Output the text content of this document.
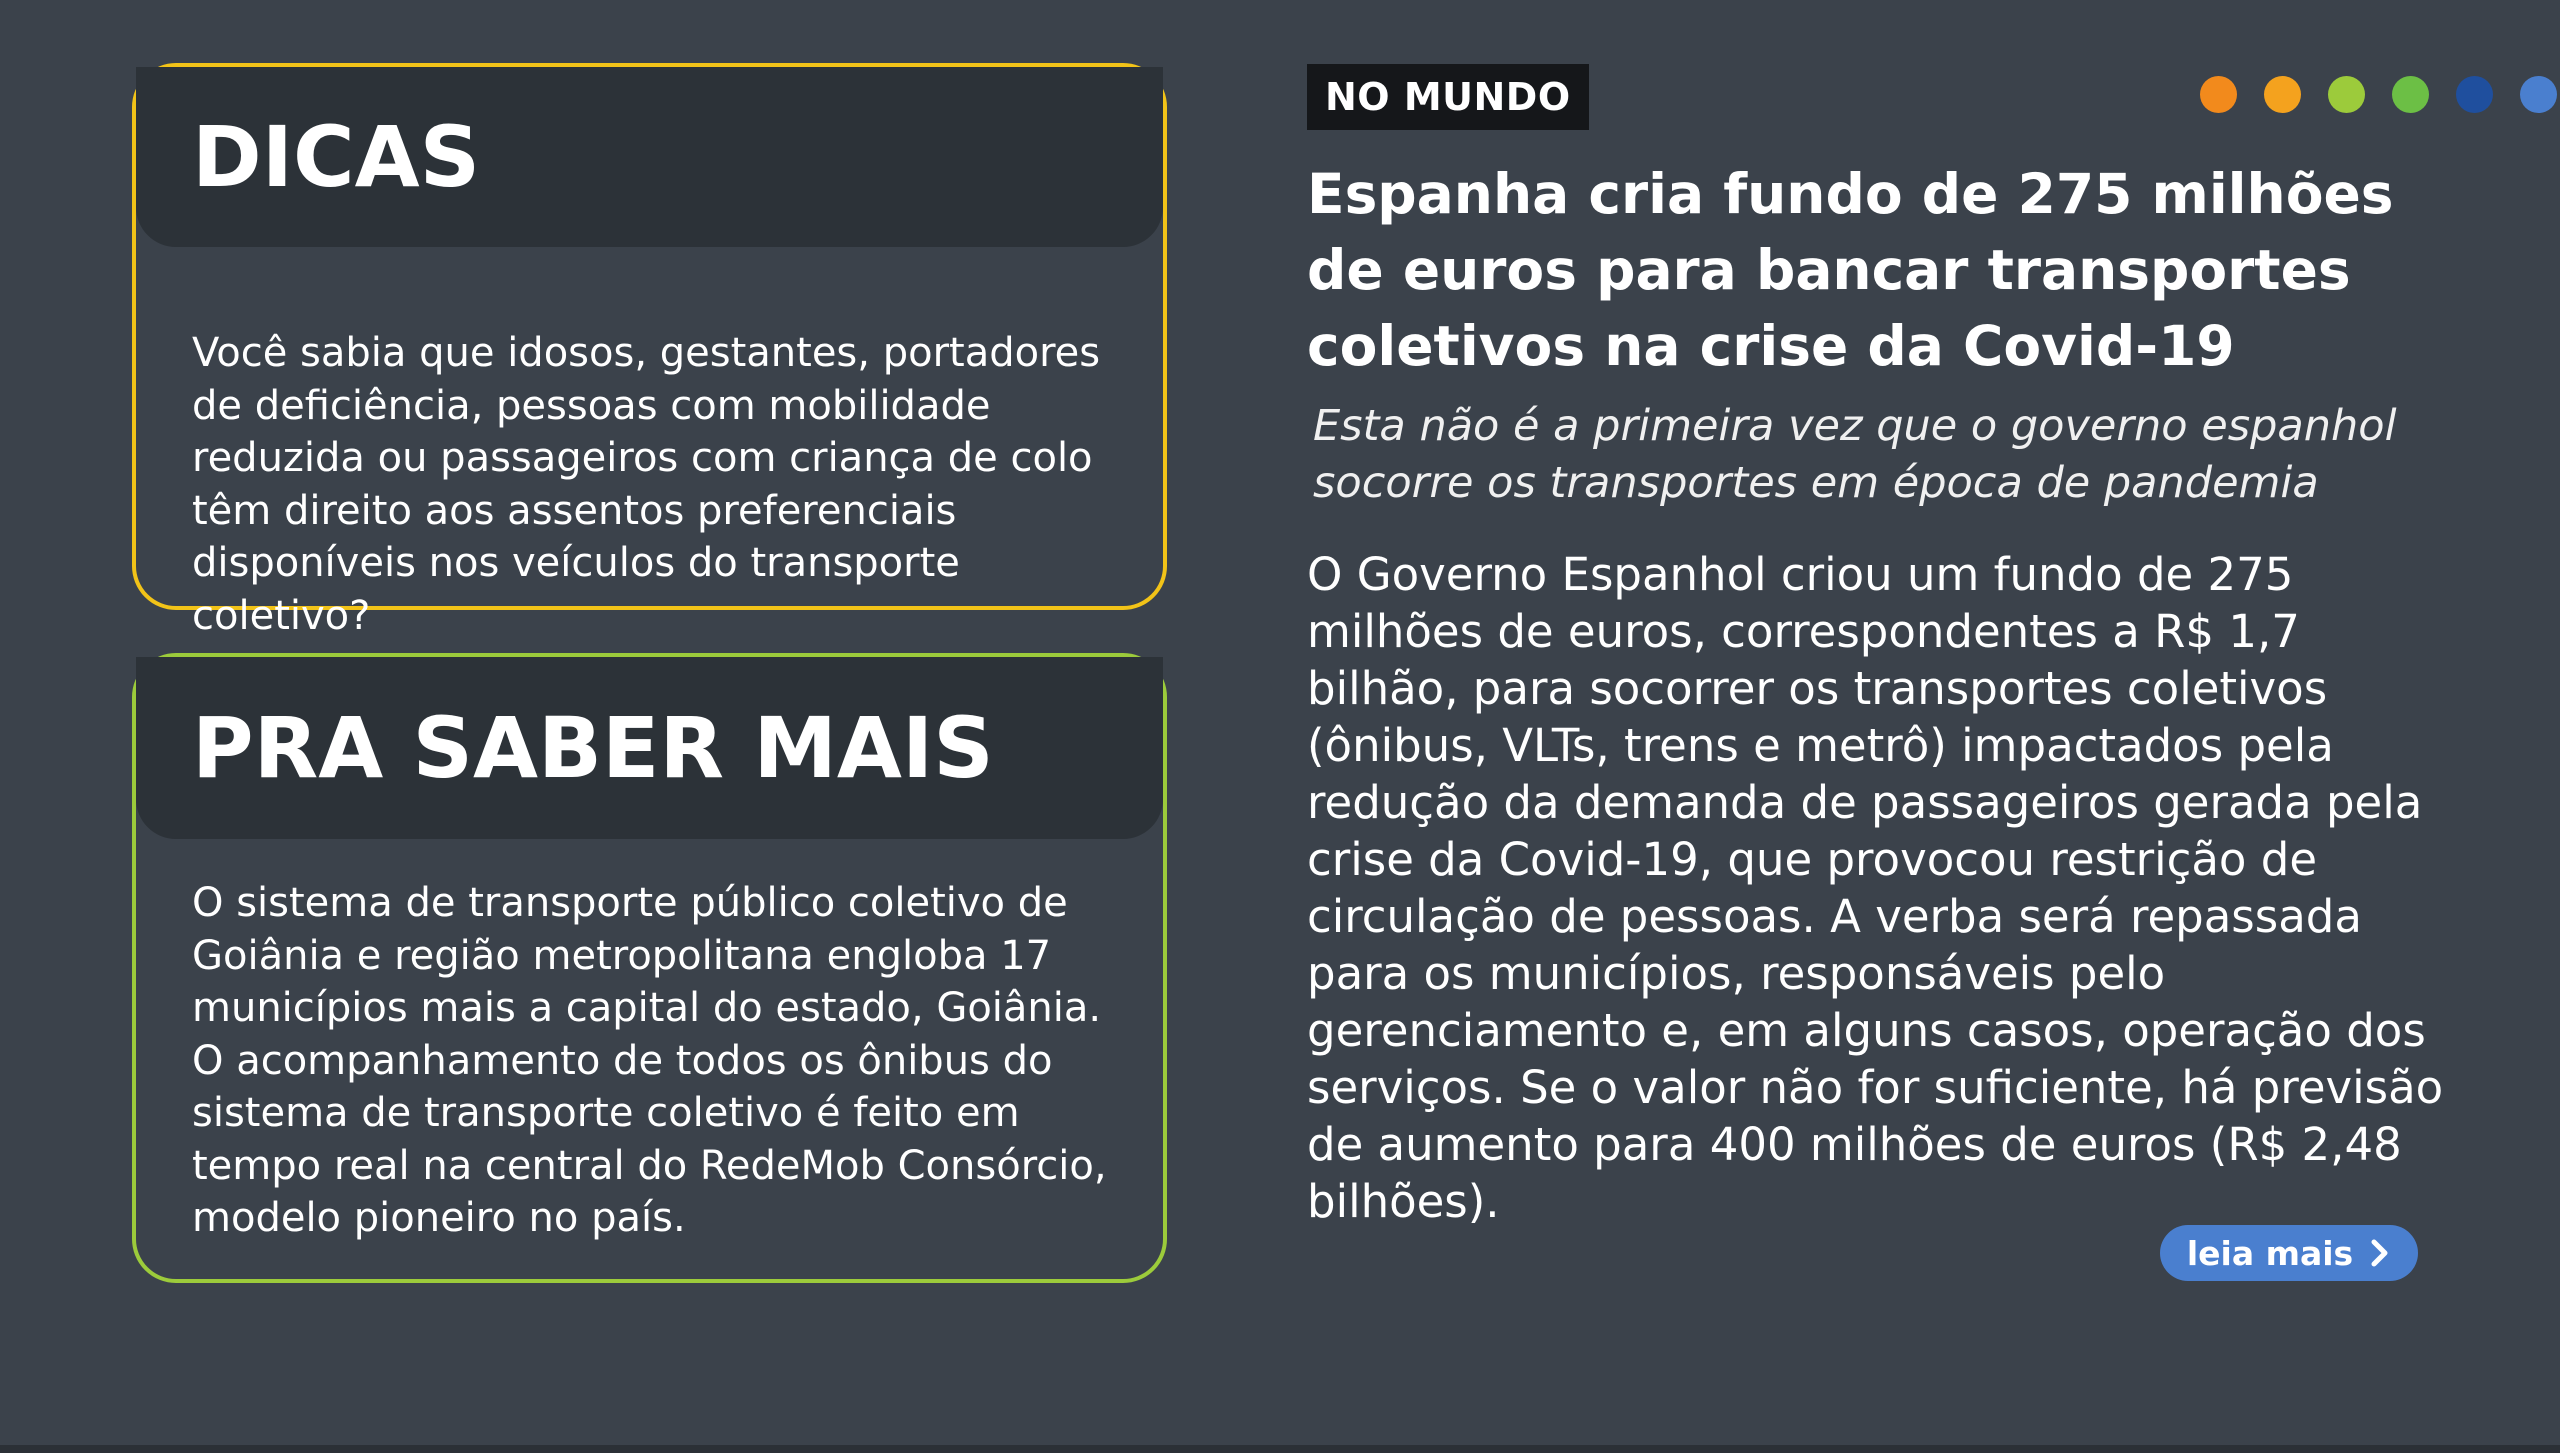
DICAS
Você sabia que idosos, gestantes, portadores de deficiência, pessoas com mobilidade reduzida ou passageiros com criança de colo têm direito aos assentos preferenciais disponíveis nos veículos do transporte coletivo?
PRA SABER MAIS
O sistema de transporte público coletivo de Goiânia e região metropolitana engloba 17 municípios mais a capital do estado, Goiânia. O acompanhamento de todos os ônibus do sistema de transporte coletivo é feito em tempo real na central do RedeMob Consórcio, modelo pioneiro no país.
NO MUNDO
Espanha cria fundo de 275 milhões de euros para bancar transportes coletivos na crise da Covid-19

Esta não é a primeira vez que o governo espanhol socorre os transportes em época de pandemia

O Governo Espanhol criou um fundo de 275 milhões de euros, correspondentes a R$ 1,7 bilhão, para socorrer os transportes coletivos (ônibus, VLTs, trens e metrô) impactados pela redução da demanda de passageiros gerada pela crise da Covid-19, que provocou restrição de circulação de pessoas. A verba será repassada para os municípios, responsáveis pelo gerenciamento e, em alguns casos, operação dos serviços. Se o valor não for suficiente, há previsão de aumento para 400 milhões de euros (R$ 2,48 bilhões).

leia mais
